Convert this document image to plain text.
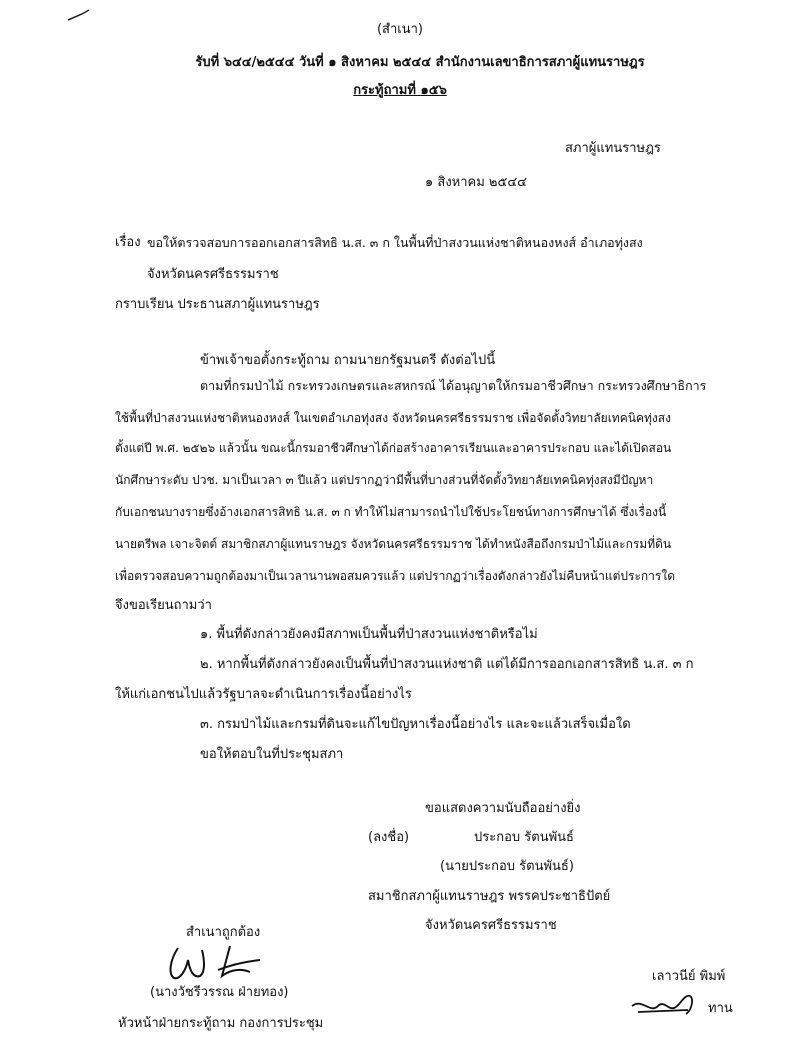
(สำเนา)
รับที่ ๖๔๔/๒๕๔๔ วันที่ ๑ สิงหาคม ๒๕๔๔ สำนักงานเลขาธิการสภาผู้แทนราษฎร
กระทู้ถามที่ ๑๕๖
สภาผู้แทนราษฎร
๑ สิงหาคม ๒๕๔๔
เรื่อง ขอให้ตรวจสอบการออกเอกสารสิทธิ น.ส. ๓ ก ในพื้นที่ป่าสงวนแห่งชาติหนองหงส์ อำเภอทุ่งสง
จังหวัดนครศรีธรรมราช
กราบเรียน ประธานสภาผู้แทนราษฎร
ข้าพเจ้าขอตั้งกระทู้ถาม ถามนายกรัฐมนตรี ดังต่อไปนี้
ตามที่กรมป่าไม้ กระทรวงเกษตรและสหกรณ์ ได้อนุญาตให้กรมอาชีวศึกษา กระทรวงศึกษาธิการ
ใช้พื้นที่ป่าสงวนแห่งชาติหนองหงส์ ในเขตอำเภอทุ่งสง จังหวัดนครศรีธรรมราช เพื่อจัดตั้งวิทยาลัยเทคนิคทุ่งสง
ตั้งแต่ปี พ.ศ. ๒๕๒๖ แล้วนั้น ขณะนี้กรมอาชีวศึกษาได้ก่อสร้างอาคารเรียนและอาคารประกอบ และได้เปิดสอน
นักศึกษาระดับ ปวช. มาเป็นเวลา ๓ ปีแล้ว แต่ปรากฏว่ามีพื้นที่บางส่วนที่จัดตั้งวิทยาลัยเทคนิคทุ่งสงมีปัญหา
กับเอกชนบางรายซึ่งอ้างเอกสารสิทธิ น.ส. ๓ ก ทำให้ไม่สามารถนำไปใช้ประโยชน์ทางการศึกษาได้ ซึ่งเรื่องนี้
นายตรีพล เจาะจิตต์ สมาชิกสภาผู้แทนราษฎร จังหวัดนครศรีธรรมราช ได้ทำหนังสือถึงกรมป่าไม้และกรมที่ดิน
เพื่อตรวจสอบความถูกต้องมาเป็นเวลานานพอสมควรแล้ว แต่ปรากฏว่าเรื่องดังกล่าวยังไม่คืบหน้าแต่ประการใด
จึงขอเรียนถามว่า
๑. พื้นที่ดังกล่าวยังคงมีสภาพเป็นพื้นที่ป่าสงวนแห่งชาติหรือไม่
๒. หากพื้นที่ดังกล่าวยังคงเป็นพื้นที่ป่าสงวนแห่งชาติ แต่ได้มีการออกเอกสารสิทธิ น.ส. ๓ ก
ให้แก่เอกชนไปแล้วรัฐบาลจะดำเนินการเรื่องนี้อย่างไร
๓. กรมป่าไม้และกรมที่ดินจะแก้ไขปัญหาเรื่องนี้อย่างไร และจะแล้วเสร็จเมื่อใด
ขอให้ตอบในที่ประชุมสภา
ขอแสดงความนับถืออย่างยิ่ง
(ลงชื่อ)	ประกอบ รัตนพันธ์
(นายประกอบ รัตนพันธ์)
สมาชิกสภาผู้แทนราษฎร พรรคประชาธิปัตย์
จังหวัดนครศรีธรรมราช
สำเนาถูกต้อง
(นางวัชรีวรรณ ฝ่ายทอง)
หัวหน้าฝ่ายกระทู้ถาม กองการประชุม
เลาวนีย์ พิมพ์
ทาน
